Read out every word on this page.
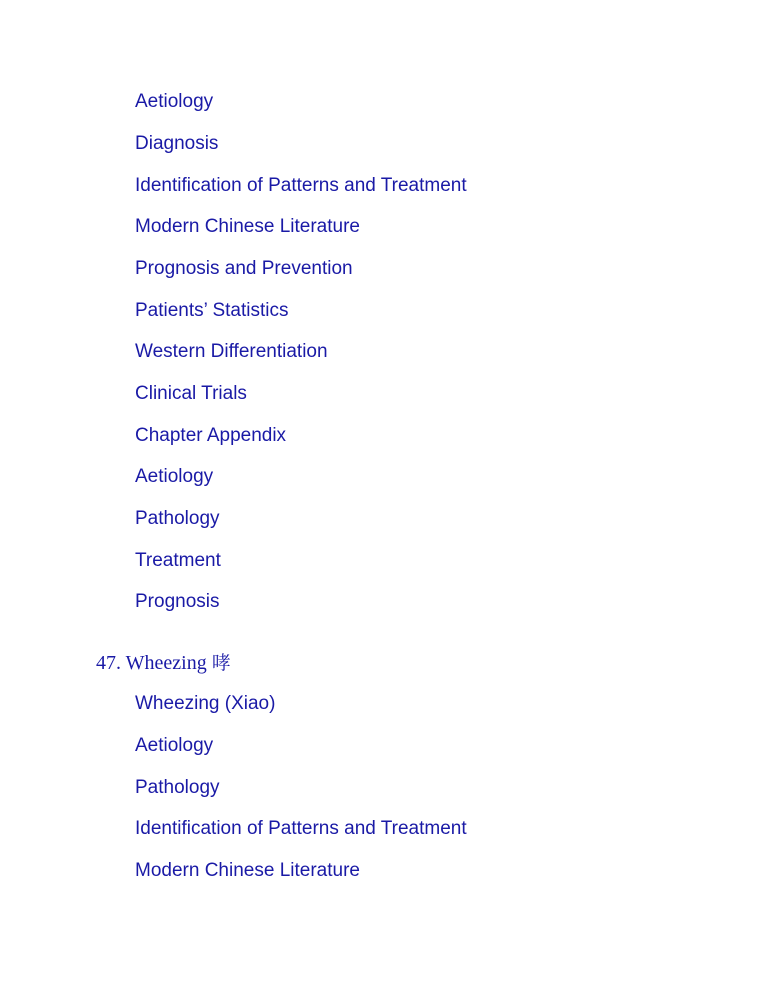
Aetiology
Diagnosis
Identification of Patterns and Treatment
Modern Chinese Literature
Prognosis and Prevention
Patients’ Statistics
Western Differentiation
Clinical Trials
Chapter Appendix
Aetiology
Pathology
Treatment
Prognosis
47. Wheezing 哮
Wheezing (Xiao)
Aetiology
Pathology
Identification of Patterns and Treatment
Modern Chinese Literature
